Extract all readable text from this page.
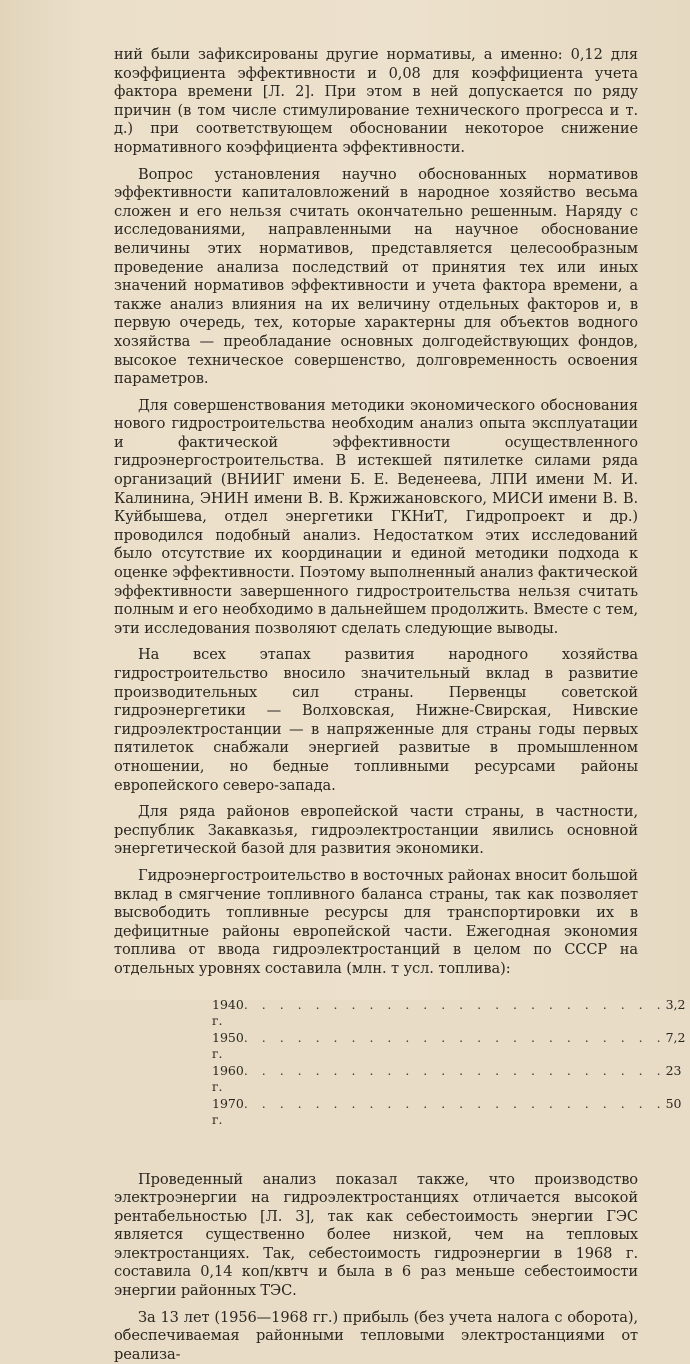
ний были зафиксированы другие нормативы, а именно: 0,12 для коэффициента эффективности и 0,08 для коэффициента учета фактора времени [Л. 2]. При этом в ней допускается по ряду причин (в том числе стимулирование технического прогресса и т. д.) при соответствующем обосновании некоторое снижение нормативного коэффициента эффективности.

Вопрос установления научно обоснованных нормативов эффективности капиталовложений в народное хозяйство весьма сложен и его нельзя считать окончательно решенным. Наряду с исследованиями, направленными на научное обоснование величины этих нормативов, представляется целесообразным проведение анализа последствий от принятия тех или иных значений нормативов эффективности и учета фактора времени, а также анализ влияния на их величину отдельных факторов и, в первую очередь, тех, которые характерны для объектов водного хозяйства — преобладание основных долгодействующих фондов, высокое техническое совершенство, долговременность освоения параметров.

Для совершенствования методики экономического обоснования нового гидростроительства необходим анализ опыта эксплуатации и фактической эффективности осуществленного гидроэнергостроительства. В истекшей пятилетке силами ряда организаций (ВНИИГ имени Б. Е. Веденеева, ЛПИ имени М. И. Калинина, ЭНИН имени В. В. Кржижановского, МИСИ имени В. В. Куйбышева, отдел энергетики ГКНиТ, Гидропроект и др.) проводился подобный анализ. Недостатком этих исследований было отсутствие их координации и единой методики подхода к оценке эффективности. Поэтому выполненный анализ фактической эффективности завершенного гидростроительства нельзя считать полным и его необходимо в дальнейшем продолжить. Вместе с тем, эти исследования позволяют сделать следующие выводы.

На всех этапах развития народного хозяйства гидростроительство вносило значительный вклад в развитие производительных сил страны. Первенцы советской гидроэнергетики — Волховская, Нижне-Свирская, Нивские гидроэлектростанции — в напряженные для страны годы первых пятилеток снабжали энергией развитые в промышленном отношении, но бедные топливными ресурсами районы европейского северо-запада.

Для ряда районов европейской части страны, в частности, республик Закавказья, гидроэлектростанции явились основной энергетической базой для развития экономики.

Гидроэнергостроительство в восточных районах вносит большой вклад в смягчение топливного баланса страны, так как позволяет высвободить топливные ресурсы для транспортировки их в дефицитные районы европейской части. Ежегодная экономия топлива от ввода гидроэлектростанций в целом по СССР на отдельных уровнях составила (млн. т усл. топлива):

1940 г.
. . . . . . . . . . . . . . . . . . . . . . . . 3,2
1950 г.
. . . . . . . . . . . . . . . . . . . . . . . . 7,2
1960 г.
. . . . . . . . . . . . . . . . . . . . . . . . 23
1970 г.
. . . . . . . . . . . . . . . . . . . . . . . . 50

Проведенный анализ показал также, что производство электроэнергии на гидроэлектростанциях отличается высокой рентабельностью [Л. 3], так как себестоимость энергии ГЭС является существенно более низкой, чем на тепловых электростанциях. Так, себестоимость гидроэнергии в 1968 г. составила 0,14 коп/квтч и была в 6 раз меньше себестоимости энергии районных ТЭС.

За 13 лет (1956—1968 гг.) прибыль (без учета налога с оборота), обеспечиваемая районными тепловыми электростанциями от реализа-
